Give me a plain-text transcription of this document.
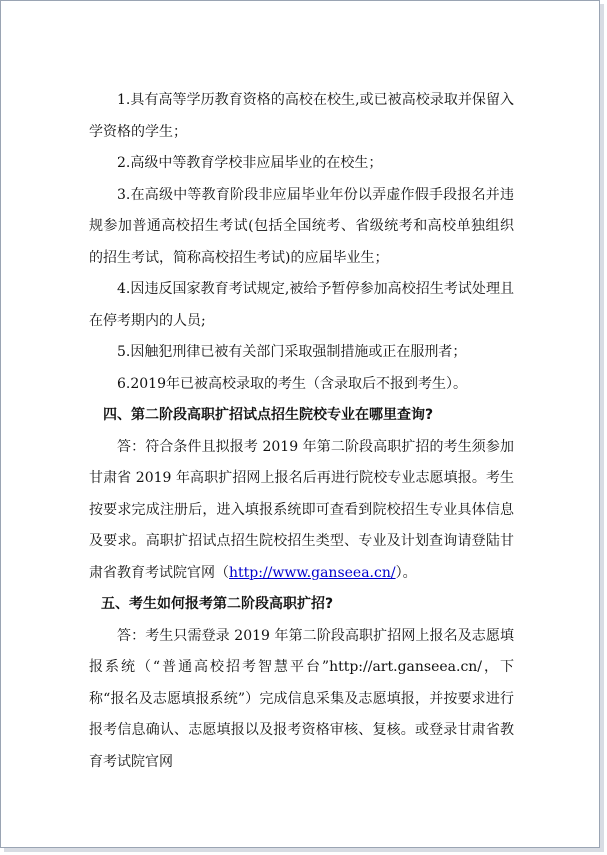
1.具有高等学历教育资格的高校在校生,或已被高校录取并保留入学资格的学生；

2.高级中等教育学校非应届毕业的在校生；

3.在高级中等教育阶段非应届毕业年份以弄虚作假手段报名并违规参加普通高校招生考试(包括全国统考、省级统考和高校单独组织的招生考试，简称高校招生考试)的应届毕业生；

4.因违反国家教育考试规定,被给予暂停参加高校招生考试处理且在停考期内的人员;

5.因触犯刑律已被有关部门采取强制措施或正在服刑者；

6.2019年已被高校录取的考生（含录取后不报到考生）。

四、第二阶段高职扩招试点招生院校专业在哪里查询?

答：符合条件且拟报考 2019 年第二阶段高职扩招的考生须参加甘肃省 2019 年高职扩招网上报名后再进行院校专业志愿填报。考生按要求完成注册后，进入填报系统即可查看到院校招生专业具体信息及要求。高职扩招试点招生院校招生类型、专业及计划查询请登陆甘肃省教育考试院官网（http://www.ganseea.cn/）。

五、考生如何报考第二阶段高职扩招?

答：考生只需登录 2019 年第二阶段高职扩招网上报名及志愿填报系统（“普通高校招考智慧平台”http://art.ganseea.cn/，下称“报名及志愿填报系统”）完成信息采集及志愿填报，并按要求进行报考信息确认、志愿填报以及报考资格审核、复核。或登录甘肃省教育考试院官网
